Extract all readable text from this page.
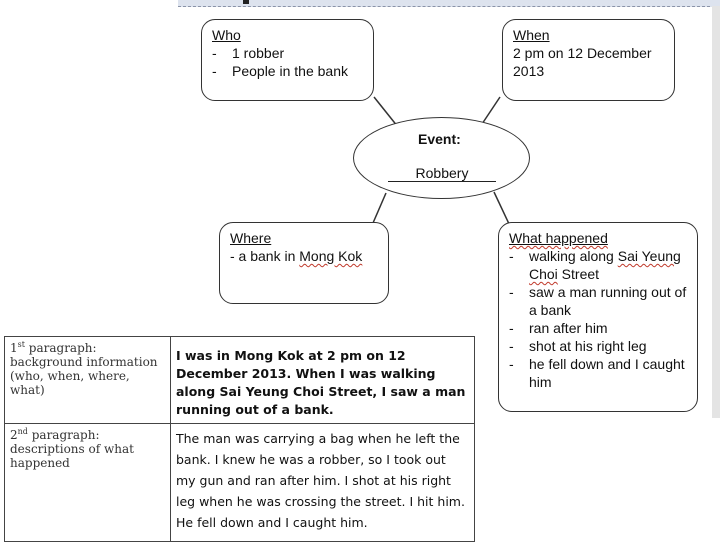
Who
- 1 robber
- People in the bank
When
2 pm on 12 December
2013
Event:
Robbery
Where
- a bank in Mong Kok
What happened
- walking along Sai Yeung Choi Street
- saw a man running out of a bank
- ran after him
- shot at his right leg
- he fell down and I caught him
1st paragraph: background information (who, when, where, what)	I was in Mong Kok at 2 pm on 12 December 2013. When I was walking along Sai Yeung Choi Street, I saw a man running out of a bank.
2nd paragraph: descriptions of what happened	The man was carrying a bag when he left the bank. I knew he was a robber, so I took out my gun and ran after him. I shot at his right leg when he was crossing the street. I hit him. He fell down and I caught him.
